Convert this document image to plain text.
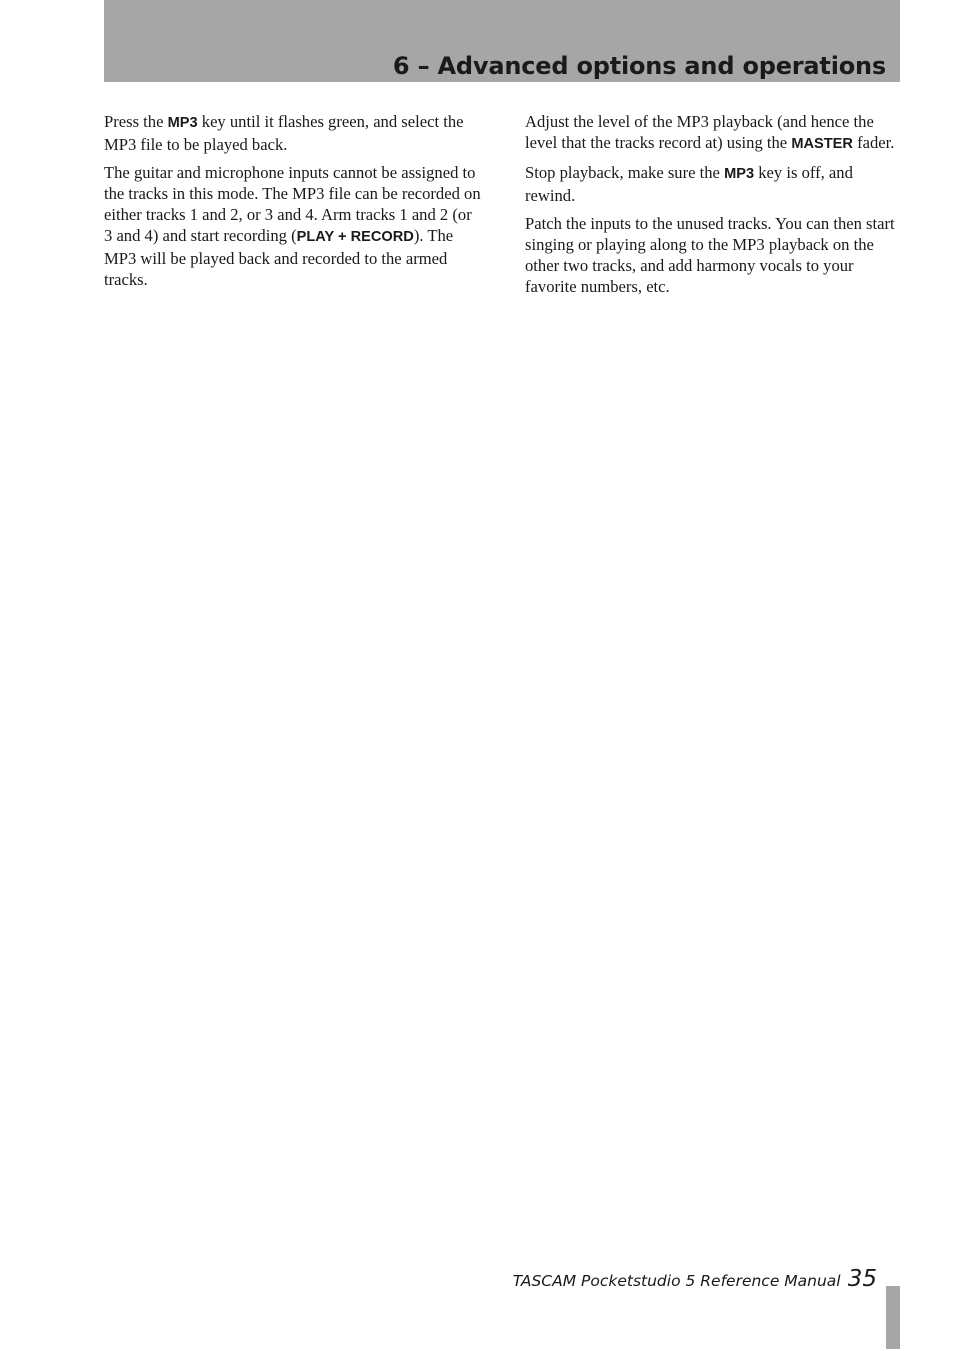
6 – Advanced options and operations

Press the MP3 key until it flashes green, and select the MP3 file to be played back.

The guitar and microphone inputs cannot be assigned to the tracks in this mode. The MP3 file can be recorded on either tracks 1 and 2, or 3 and 4. Arm tracks 1 and 2 (or 3 and 4) and start recording (PLAY + RECORD). The MP3 will be played back and recorded to the armed tracks.

Adjust the level of the MP3 playback (and hence the level that the tracks record at) using the MASTER fader.

Stop playback, make sure the MP3 key is off, and rewind.

Patch the inputs to the unused tracks. You can then start singing or playing along to the MP3 playback on the other two tracks, and add harmony vocals to your favorite numbers, etc.

TASCAM Pocketstudio 5 Reference Manual 35
